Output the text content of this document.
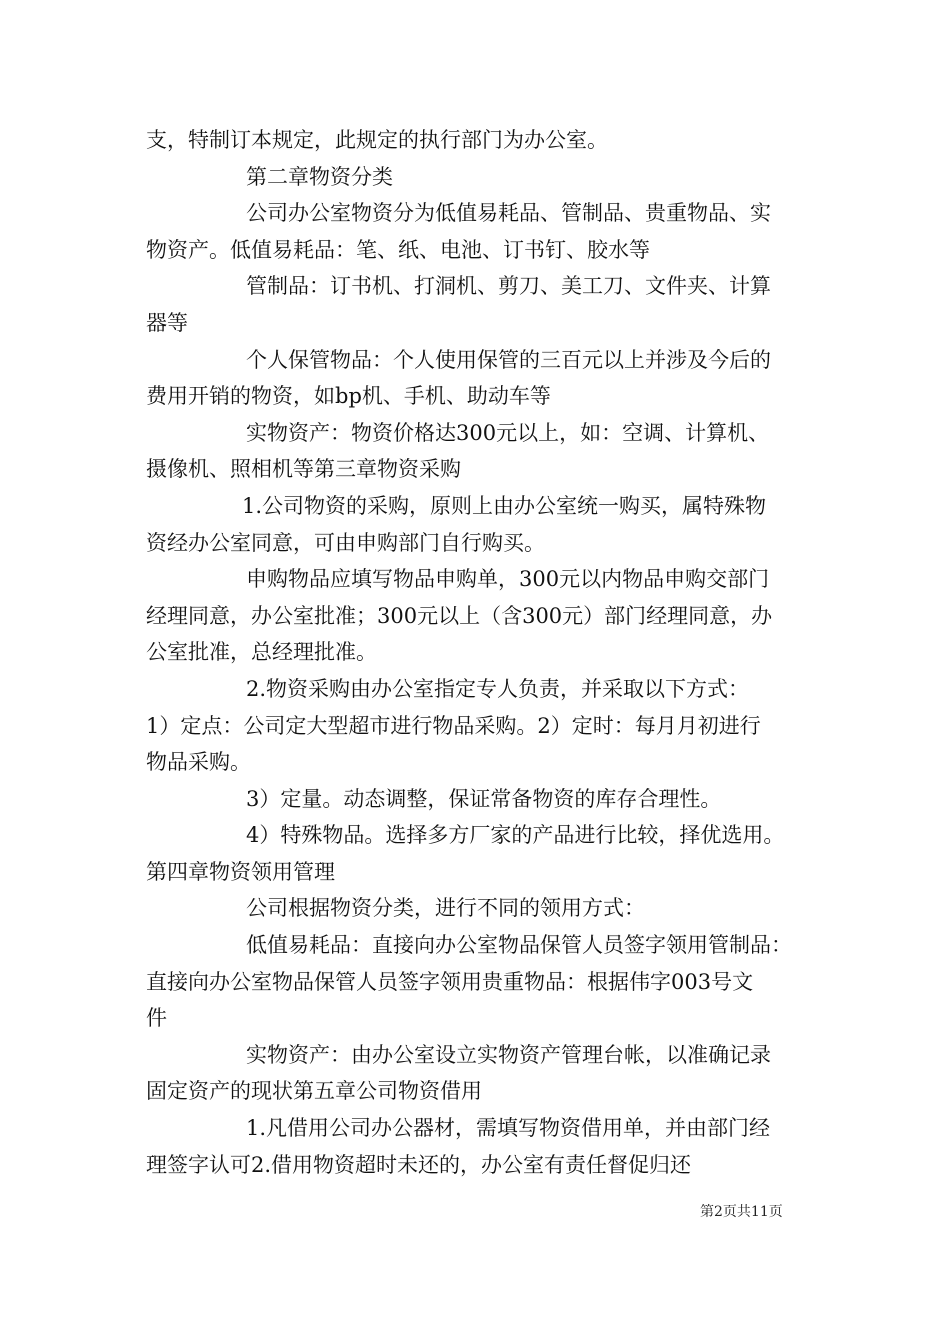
支，特制订本规定，此规定的执行部门为办公室。
第二章物资分类
公司办公室物资分为低值易耗品、管制品、贵重物品、实
物资产。低值易耗品：笔、纸、电池、订书钉、胶水等
管制品：订书机、打洞机、剪刀、美工刀、文件夹、计算
器等
个人保管物品：个人使用保管的三百元以上并涉及今后的
费用开销的物资，如bp机、手机、助动车等
实物资产：物资价格达300元以上，如：空调、计算机、
摄像机、照相机等第三章物资采购
1.公司物资的采购，原则上由办公室统一购买，属特殊物
资经办公室同意，可由申购部门自行购买。
申购物品应填写物品申购单，300元以内物品申购交部门
经理同意，办公室批准；300元以上（含300元）部门经理同意，办
公室批准，总经理批准。
2.物资采购由办公室指定专人负责，并采取以下方式：
1）定点：公司定大型超市进行物品采购。2）定时：每月月初进行
物品采购。
3）定量。动态调整，保证常备物资的库存合理性。
4）特殊物品。选择多方厂家的产品进行比较，择优选用。
第四章物资领用管理
公司根据物资分类，进行不同的领用方式：
低值易耗品：直接向办公室物品保管人员签字领用管制品：
直接向办公室物品保管人员签字领用贵重物品：根据伟字003号文
件
实物资产：由办公室设立实物资产管理台帐，以准确记录
固定资产的现状第五章公司物资借用
1.凡借用公司办公器材，需填写物资借用单，并由部门经
理签字认可2.借用物资超时未还的，办公室有责任督促归还
第2页共11页
